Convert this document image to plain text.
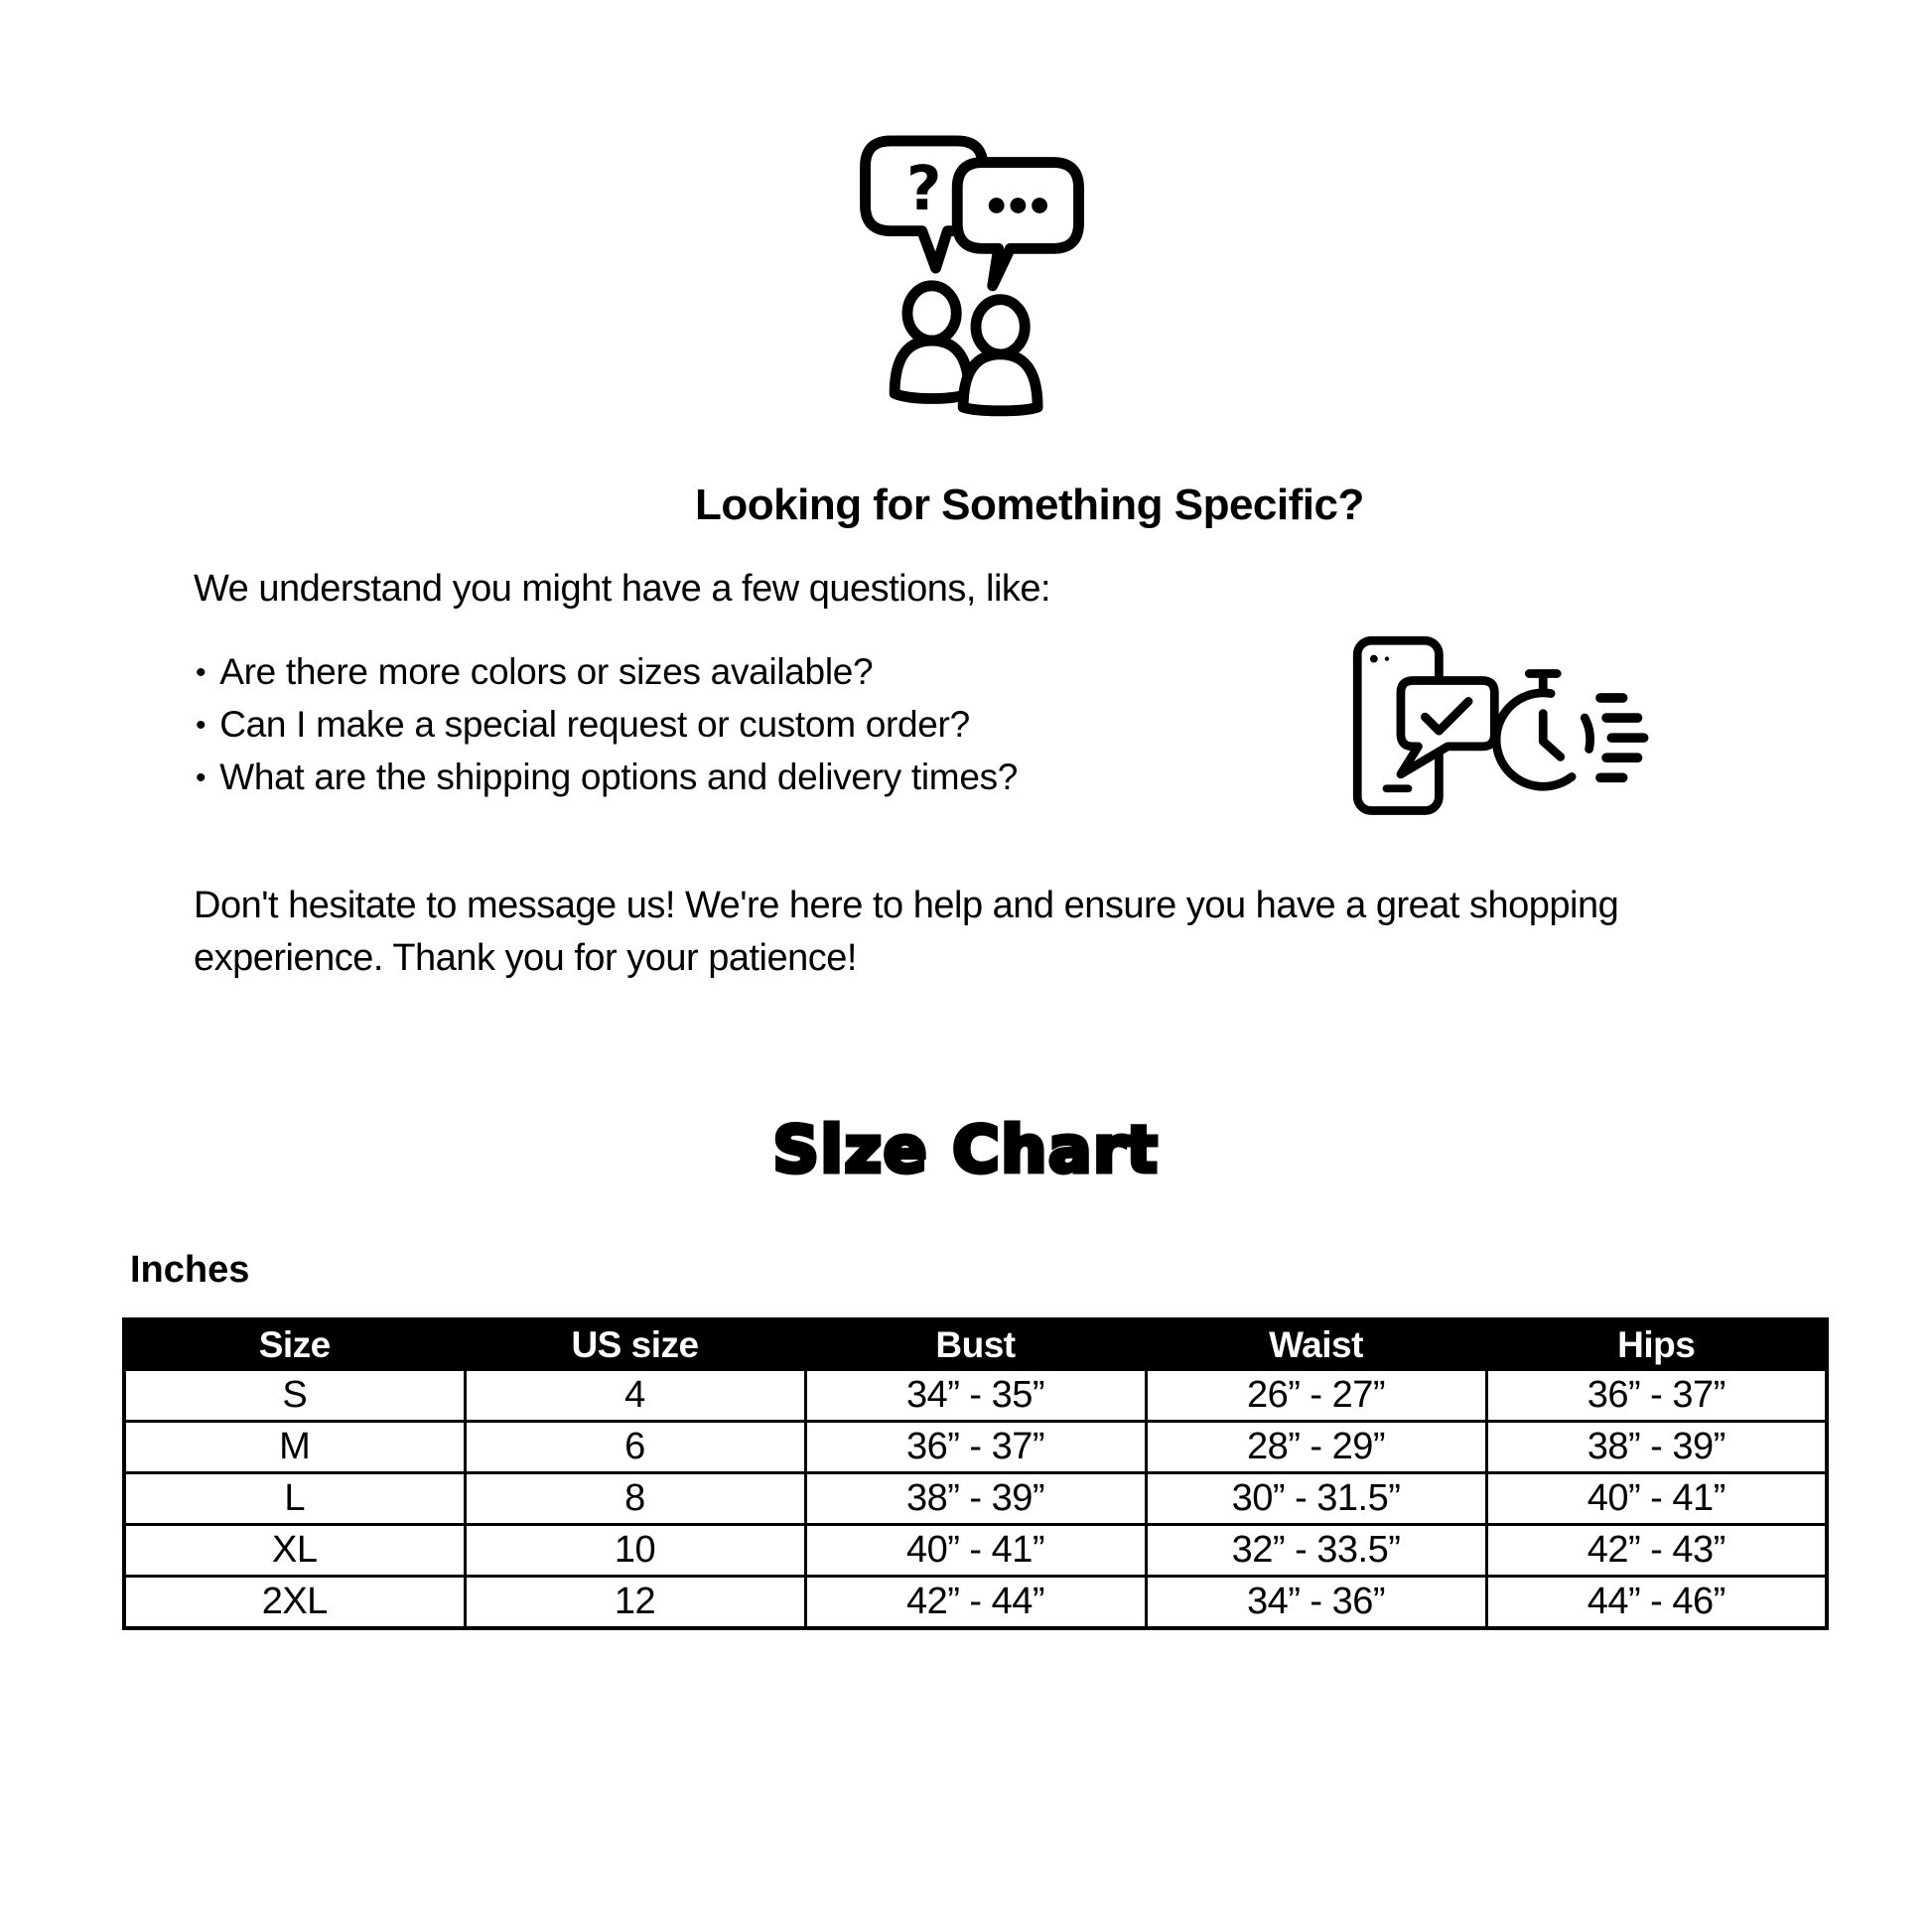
?
Looking for Something Specific?
We understand you might have a few questions, like:
• Are there more colors or sizes available?
• Can I make a special request or custom order?
• What are the shipping options and delivery times?
Don't hesitate to message us! We're here to help and ensure you have a great shopping
experience. Thank you for your patience!
Size Chart
Inches
Size	US size	Bust	Waist	Hips
S	4	34” - 35”	26” - 27”	36” - 37”
M	6	36” - 37”	28” - 29”	38” - 39”
L	8	38” - 39”	30” - 31.5”	40” - 41”
XL	10	40” - 41”	32” - 33.5”	42” - 43”
2XL	12	42” - 44”	34” - 36”	44” - 46”
